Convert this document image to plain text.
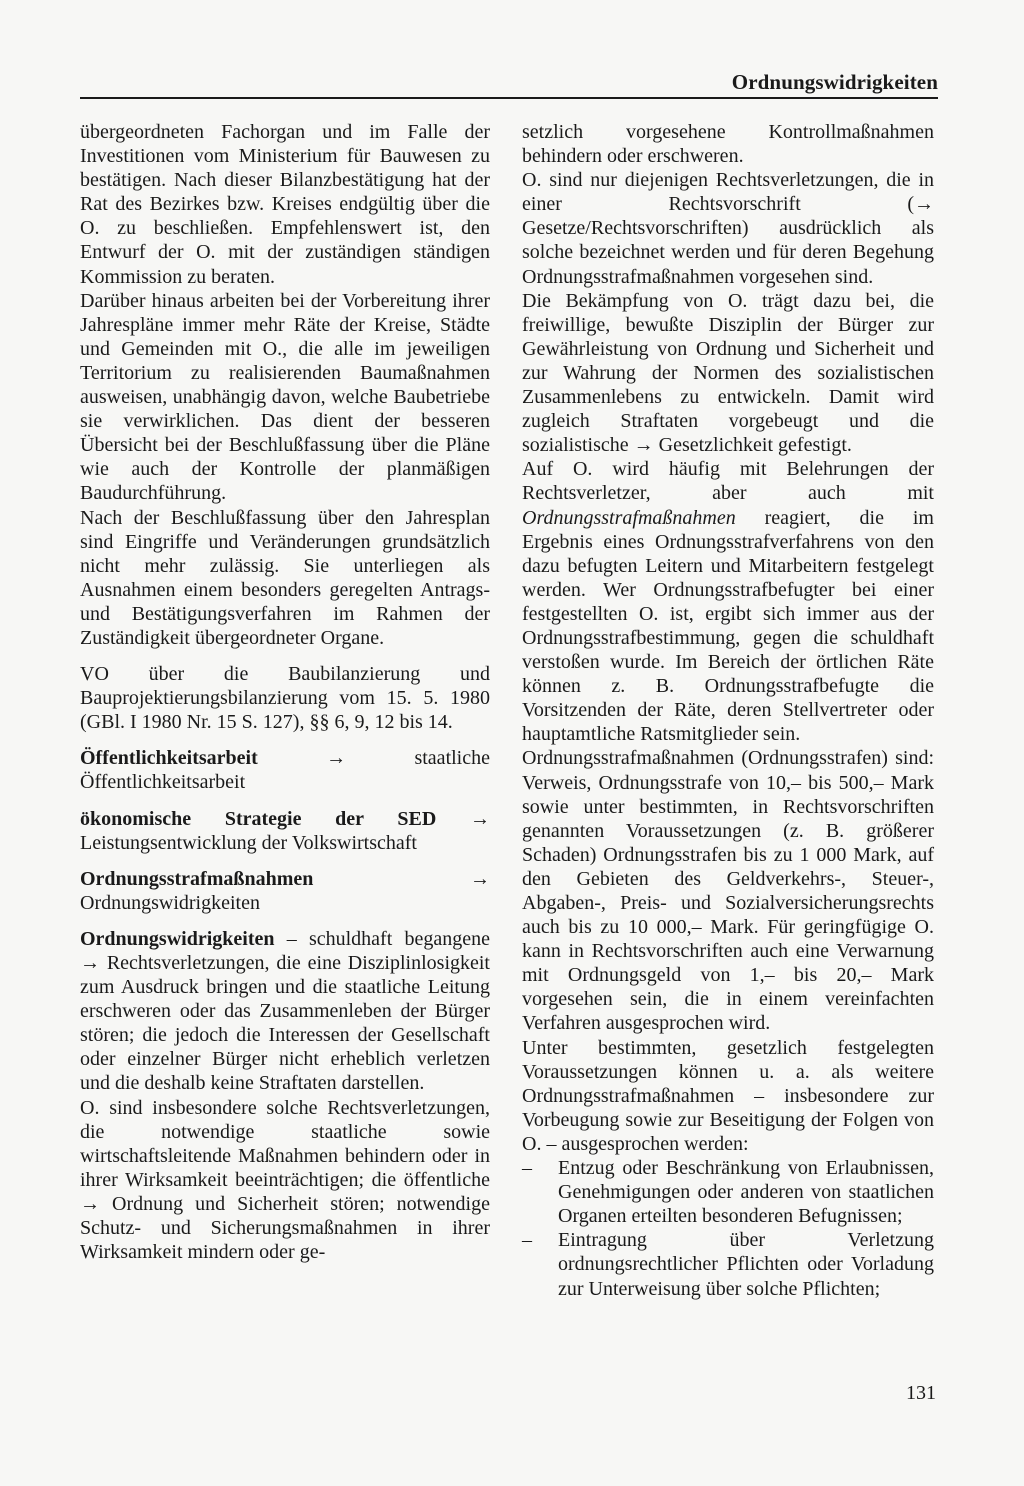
Ordnungswidrigkeiten

übergeordneten Fachorgan und im Falle der Investitionen vom Ministerium für Bauwesen zu bestätigen. Nach dieser Bilanzbestätigung hat der Rat des Bezirkes bzw. Kreises endgültig über die O. zu beschließen. Empfehlenswert ist, den Entwurf der O. mit der zuständigen ständigen Kommission zu beraten.

Darüber hinaus arbeiten bei der Vorbereitung ihrer Jahrespläne immer mehr Räte der Kreise, Städte und Gemeinden mit O., die alle im jeweiligen Territorium zu realisierenden Baumaßnahmen ausweisen, unabhängig davon, welche Baubetriebe sie verwirklichen. Das dient der besseren Übersicht bei der Beschlußfassung über die Pläne wie auch der Kontrolle der planmäßigen Baudurchführung.

Nach der Beschlußfassung über den Jahresplan sind Eingriffe und Veränderungen grundsätzlich nicht mehr zulässig. Sie unterliegen als Ausnahmen einem besonders geregelten Antrags- und Bestätigungsverfahren im Rahmen der Zuständigkeit übergeordneter Organe.

VO über die Baubilanzierung und Bauprojektierungsbilanzierung vom 15. 5. 1980 (GBl. I 1980 Nr. 15 S. 127), §§ 6, 9, 12 bis 14.

Öffentlichkeitsarbeit → staatliche Öffentlichkeitsarbeit

ökonomische Strategie der SED → Leistungsentwicklung der Volkswirtschaft

Ordnungsstrafmaßnahmen → Ordnungswidrigkeiten

Ordnungswidrigkeiten – schuldhaft begangene → Rechtsverletzungen, die eine Disziplinlosigkeit zum Ausdruck bringen und die staatliche Leitung erschweren oder das Zusammenleben der Bürger stören; die jedoch die Interessen der Gesellschaft oder einzelner Bürger nicht erheblich verletzen und die deshalb keine Straftaten darstellen.

O. sind insbesondere solche Rechtsverletzungen, die notwendige staatliche sowie wirtschaftsleitende Maßnahmen behindern oder in ihrer Wirksamkeit beeinträchtigen; die öffentliche → Ordnung und Sicherheit stören; notwendige Schutz- und Sicherungsmaßnahmen in ihrer Wirksamkeit mindern oder ge-

setzlich vorgesehene Kontrollmaßnahmen behindern oder erschweren.

O. sind nur diejenigen Rechtsverletzungen, die in einer Rechtsvorschrift (→ Gesetze/Rechtsvorschriften) ausdrücklich als solche bezeichnet werden und für deren Begehung Ordnungsstrafmaßnahmen vorgesehen sind.

Die Bekämpfung von O. trägt dazu bei, die freiwillige, bewußte Disziplin der Bürger zur Gewährleistung von Ordnung und Sicherheit und zur Wahrung der Normen des sozialistischen Zusammenlebens zu entwickeln. Damit wird zugleich Straftaten vorgebeugt und die sozialistische → Gesetzlichkeit gefestigt.

Auf O. wird häufig mit Belehrungen der Rechtsverletzer, aber auch mit Ordnungsstrafmaßnahmen reagiert, die im Ergebnis eines Ordnungsstrafverfahrens von den dazu befugten Leitern und Mitarbeitern festgelegt werden. Wer Ordnungsstrafbefugter bei einer festgestellten O. ist, ergibt sich immer aus der Ordnungsstrafbestimmung, gegen die schuldhaft verstoßen wurde. Im Bereich der örtlichen Räte können z. B. Ordnungsstrafbefugte die Vorsitzenden der Räte, deren Stellvertreter oder hauptamtliche Ratsmitglieder sein.

Ordnungsstrafmaßnahmen (Ordnungsstrafen) sind: Verweis, Ordnungsstrafe von 10,– bis 500,– Mark sowie unter bestimmten, in Rechtsvorschriften genannten Voraussetzungen (z. B. größerer Schaden) Ordnungsstrafen bis zu 1 000 Mark, auf den Gebieten des Geldverkehrs-, Steuer-, Abgaben-, Preis- und Sozialversicherungsrechts auch bis zu 10 000,– Mark. Für geringfügige O. kann in Rechtsvorschriften auch eine Verwarnung mit Ordnungsgeld von 1,– bis 20,– Mark vorgesehen sein, die in einem vereinfachten Verfahren ausgesprochen wird.

Unter bestimmten, gesetzlich festgelegten Voraussetzungen können u. a. als weitere Ordnungsstrafmaßnahmen – insbesondere zur Vorbeugung sowie zur Beseitigung der Folgen von O. – ausgesprochen werden:

–	Entzug oder Beschränkung von Erlaubnissen, Genehmigungen oder anderen von staatlichen Organen erteilten besonderen Befugnissen;
–	Eintragung über Verletzung ordnungsrechtlicher Pflichten oder Vorladung zur Unterweisung über solche Pflichten;
131
